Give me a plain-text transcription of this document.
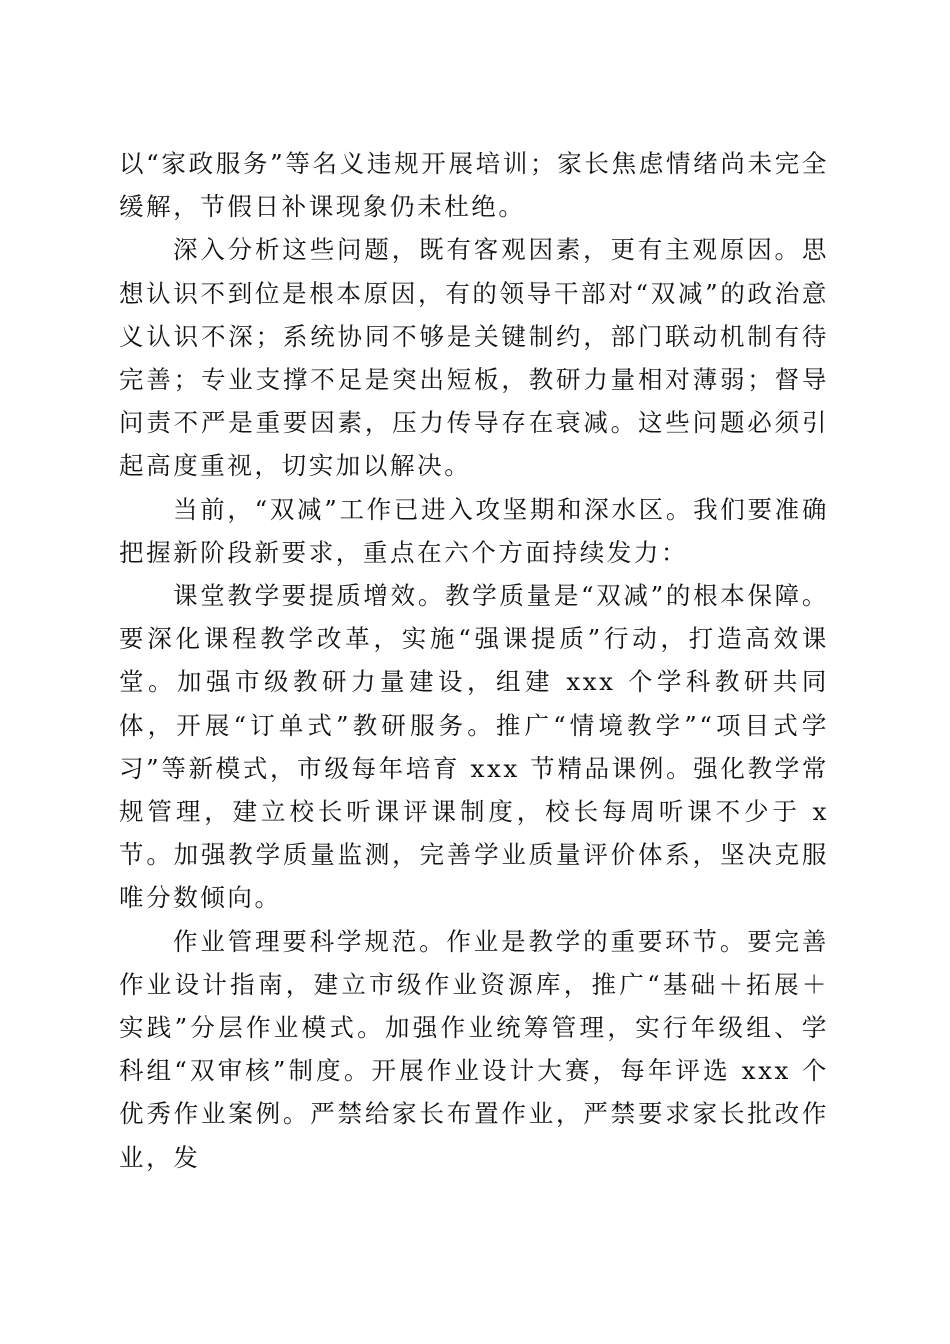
以“家政服务”等名义违规开展培训；家长焦虑情绪尚未完全缓解，节假日补课现象仍未杜绝。

深入分析这些问题，既有客观因素，更有主观原因。思想认识不到位是根本原因，有的领导干部对“双减”的政治意义认识不深；系统协同不够是关键制约，部门联动机制有待完善；专业支撑不足是突出短板，教研力量相对薄弱；督导问责不严是重要因素，压力传导存在衰减。这些问题必须引起高度重视，切实加以解决。

当前，“双减”工作已进入攻坚期和深水区。我们要准确把握新阶段新要求，重点在六个方面持续发力：

课堂教学要提质增效。教学质量是“双减”的根本保障。要深化课程教学改革，实施“强课提质”行动，打造高效课堂。加强市级教研力量建设，组建 xxx 个学科教研共同体，开展“订单式”教研服务。推广“情境教学”“项目式学习”等新模式，市级每年培育 xxx 节精品课例。强化教学常规管理，建立校长听课评课制度，校长每周听课不少于 x 节。加强教学质量监测，完善学业质量评价体系，坚决克服唯分数倾向。

作业管理要科学规范。作业是教学的重要环节。要完善作业设计指南，建立市级作业资源库，推广“基础＋拓展＋实践”分层作业模式。加强作业统筹管理，实行年级组、学科组“双审核”制度。开展作业设计大赛，每年评选 xxx 个优秀作业案例。严禁给家长布置作业，严禁要求家长批改作业，发
